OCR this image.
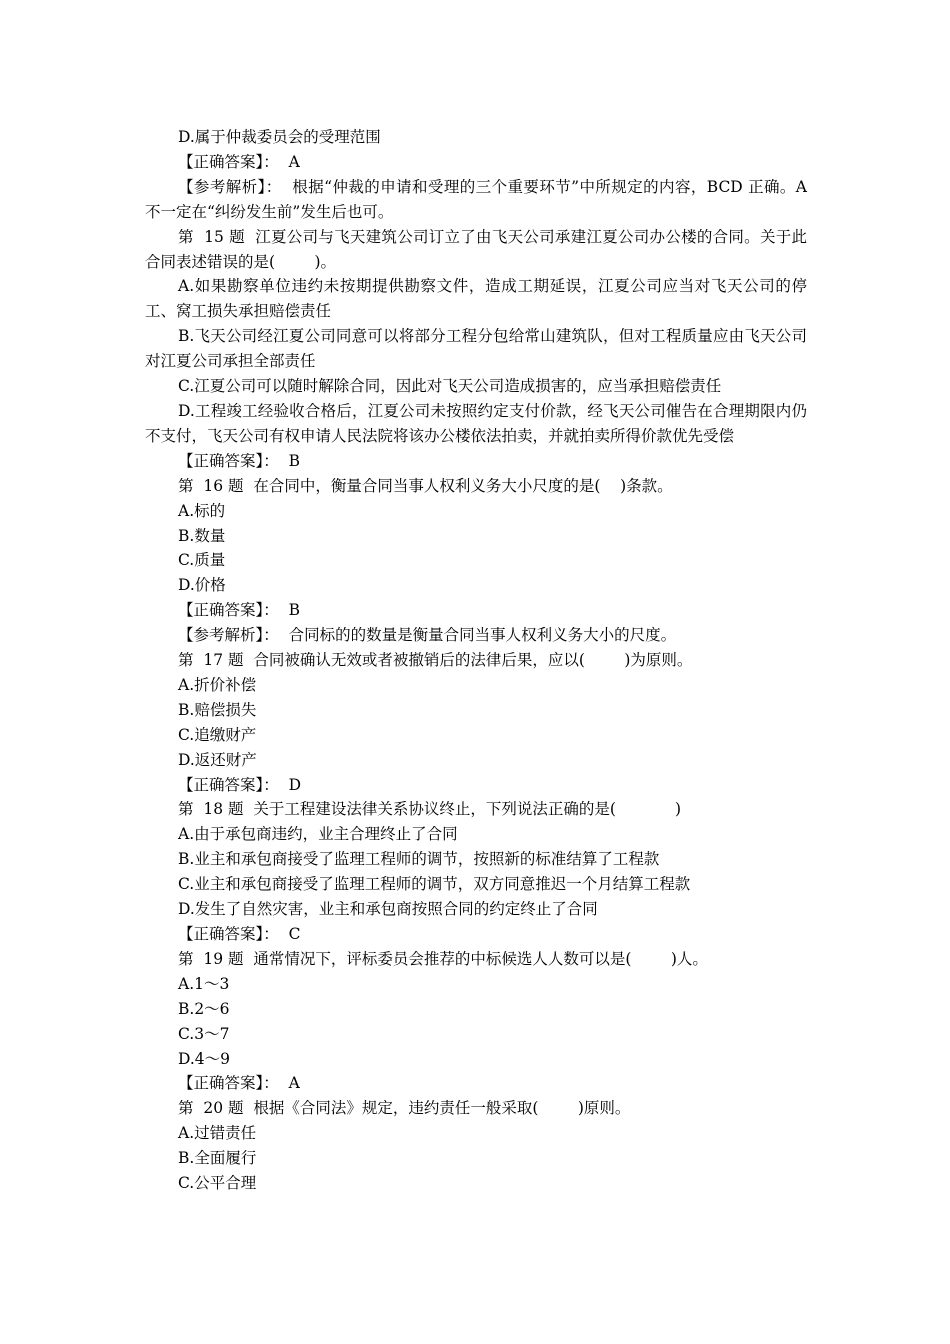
D.属于仲裁委员会的受理范围

【正确答案】：  A

【参考解析】：  根据“仲裁的申请和受理的三个重要环节”中所规定的内容，BCD 正确。A 不一定在“纠纷发生前”发生后也可。

第  15 题  江夏公司与飞天建筑公司订立了由飞天公司承建江夏公司办公楼的合同。关于此合同表述错误的是(        )。

A.如果勘察单位违约未按期提供勘察文件，造成工期延误，江夏公司应当对飞天公司的停工、窝工损失承担赔偿责任

B.飞天公司经江夏公司同意可以将部分工程分包给常山建筑队，但对工程质量应由飞天公司对江夏公司承担全部责任

C.江夏公司可以随时解除合同，因此对飞天公司造成损害的，应当承担赔偿责任

D.工程竣工经验收合格后，江夏公司未按照约定支付价款，经飞天公司催告在合理期限内仍不支付，飞天公司有权申请人民法院将该办公楼依法拍卖，并就拍卖所得价款优先受偿

【正确答案】：  B

第  16 题  在合同中，衡量合同当事人权利义务大小尺度的是(    )条款。

A.标的

B.数量

C.质量

D.价格

【正确答案】：  B

【参考解析】：  合同标的的数量是衡量合同当事人权利义务大小的尺度。

第  17 题  合同被确认无效或者被撤销后的法律后果，应以(        )为原则。

A.折价补偿

B.赔偿损失

C.追缴财产

D.返还财产

【正确答案】：  D

第  18 题  关于工程建设法律关系协议终止，下列说法正确的是(            )

A.由于承包商违约，业主合理终止了合同

B.业主和承包商接受了监理工程师的调节，按照新的标准结算了工程款

C.业主和承包商接受了监理工程师的调节，双方同意推迟一个月结算工程款

D.发生了自然灾害，业主和承包商按照合同的约定终止了合同

【正确答案】：  C

第  19 题  通常情况下，评标委员会推荐的中标候选人人数可以是(        )人。

A.1～3

B.2～6

C.3～7

D.4～9

【正确答案】：  A

第  20 题  根据《合同法》规定，违约责任一般采取(        )原则。

A.过错责任

B.全面履行

C.公平合理
